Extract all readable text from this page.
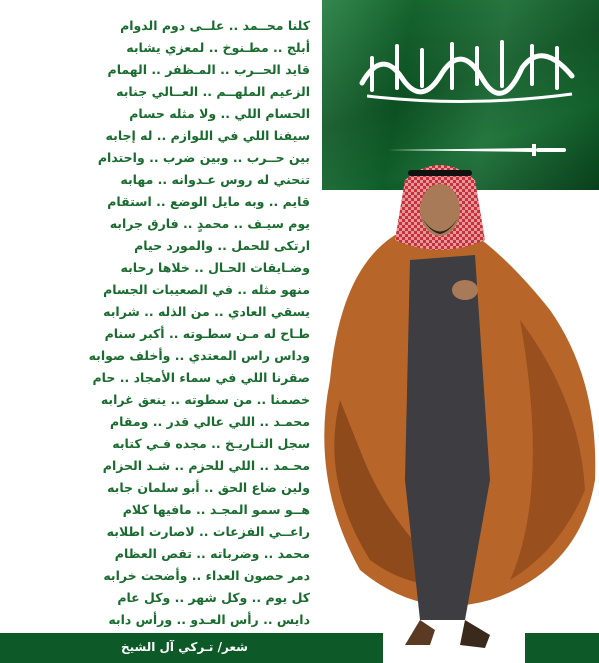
كلنا محــمد .. علــى دوم الدوام
أبلج .. مطـنوخ .. لمعزي يشابه
قايد الحــرب .. المـظفر .. الهمام
الزعيم الملهــم .. العــالي جنابه
الحسام اللي .. ولا مثله حسام
سيفنا اللي في اللوازم .. له إجابه
بين حــرب .. وبين ضرب .. واحتدام
تنحني له روس عـدوانه .. مهابه
قايم .. وبه مايل الوضع .. استقام
يوم سيـف .. محمدٍ .. فارق جرابه
ارتكى للحمل .. والمورد حيام
وضـايقات الحـال .. خلاها رحابه
منهو مثله .. في الصعيبات الجسام
يسقي العادي .. من الذله .. شرابه
طـاح له مـن سطـوته .. أكبر سنام
وداس راس المعتدي .. وأخلف صوابه
صقرنا اللي في سماء الأمجاد .. حام
خصمنا .. من سطوته .. ينعق غرابه
محمـد .. اللي عالي قدر .. ومقام
سجل التـاريـخ .. مجده فـي كتابه
محـمد .. اللي للحزم .. شـد الحزام
ولين ضاع الحق .. أبو سلمان جابه
هــو سمو المجـد .. مافيها كلام
راعــي الفزعات .. لاصارت اطلابه
محمد .. وضرباته .. تقص العظام
دمر حصون العداء .. وأضحت خرابه
كل يوم .. وكل شهر .. وكل عام
دايس .. رأس العـدو .. ورأس دابه
شعر/ تـركي آل الشيخ
